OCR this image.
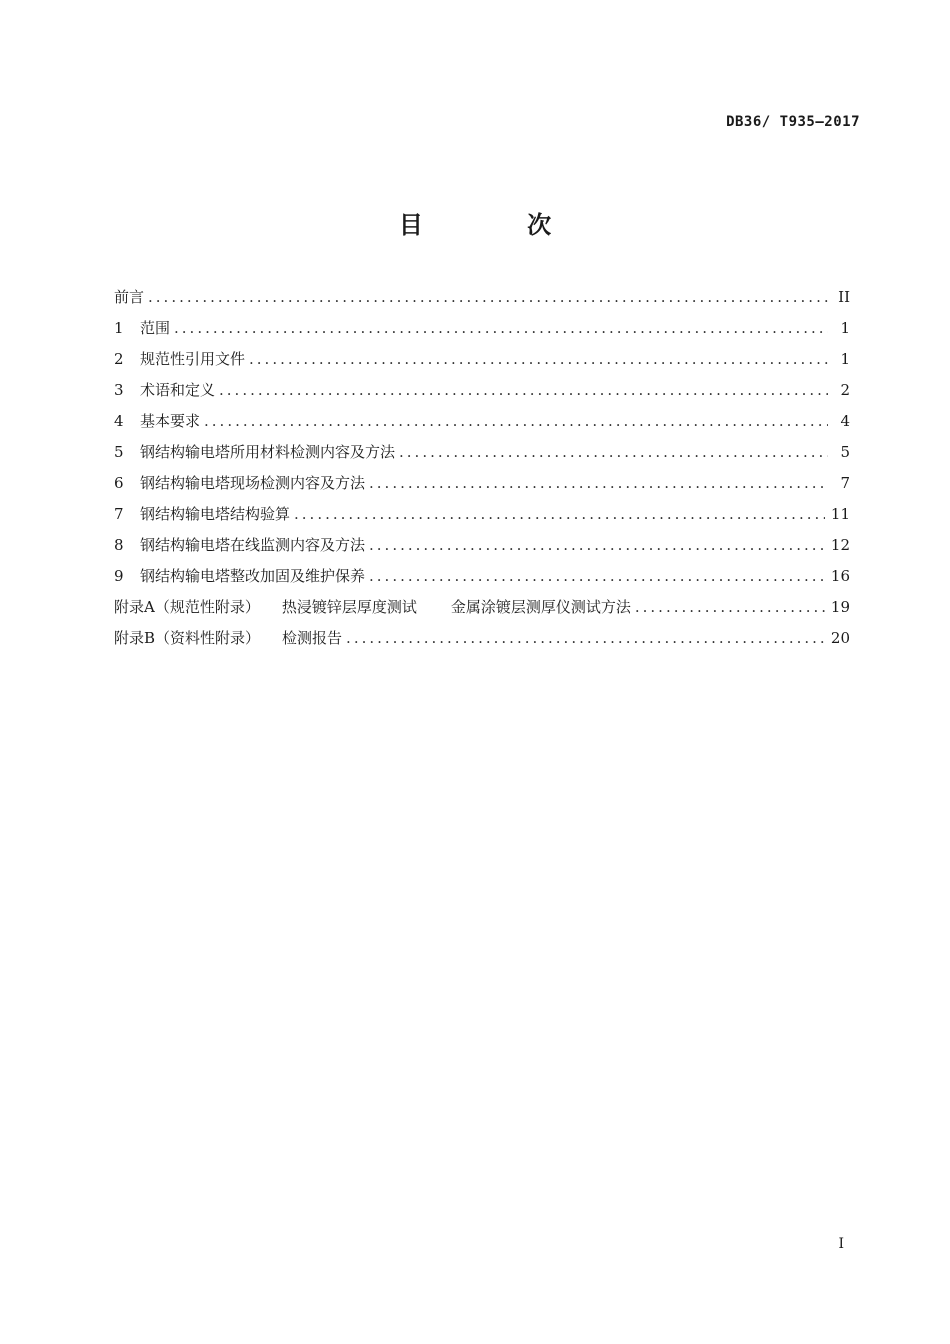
DB36/ T935—2017
目 次
前言 .....	II
1	范围 .....	1
2	规范性引用文件 .....	1
3	术语和定义 .....	2
4	基本要求 .....	4
5	钢结构输电塔所用材料检测内容及方法 .....	5
6	钢结构输电塔现场检测内容及方法 .....	7
7	钢结构输电塔结构验算 .....	11
8	钢结构输电塔在线监测内容及方法 .....	12
9	钢结构输电塔整改加固及维护保养 .....	16
附录A（规范性附录） 热浸镀锌层厚度测试 金属涂镀层测厚仪测试方法 .....	19
附录B（资料性附录） 检测报告 .....	20
I
